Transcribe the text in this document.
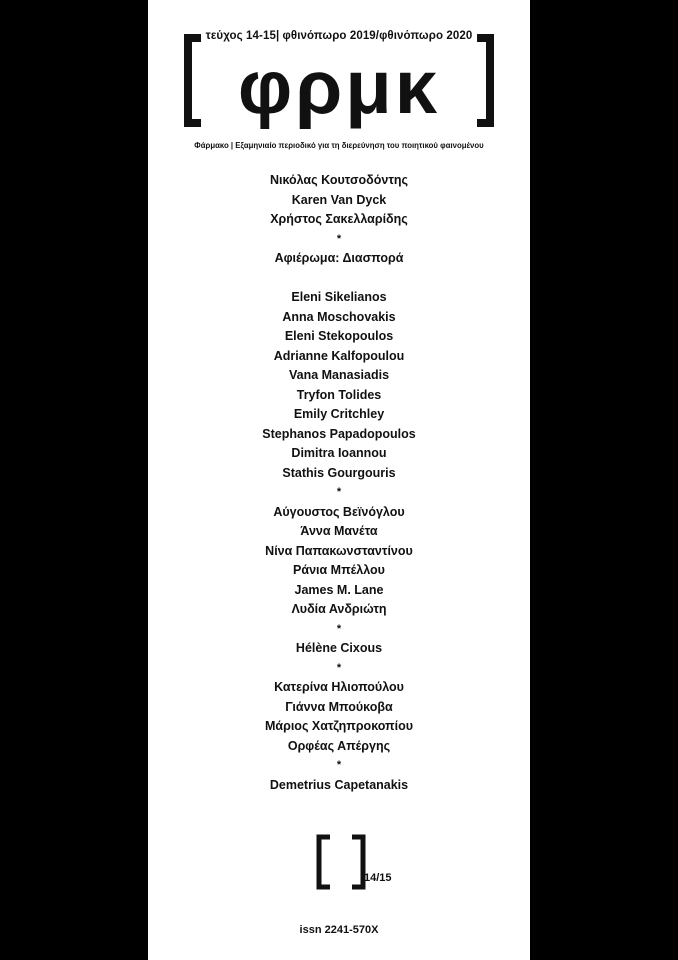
τεύχος 14-15| φθινόπωρο 2019/φθινόπωρο 2020
φρμκ
Φάρμακο | Εξαμηνιαίο περιοδικό για τη διερεύνηση του ποιητικού φαινομένου
Νικόλας Κουτσοδόντης
Karen Van Dyck
Χρήστος Σακελλαρίδης
*
Αφιέρωμα: Διασπορά
Eleni Sikelianos
Anna Moschovakis
Eleni Stekopoulos
Adrianne Kalfopoulou
Vana Manasiadis
Tryfon Tolides
Emily Critchley
Stephanos Papadopoulos
Dimitra Ioannou
Stathis Gourgouris
*
Αύγουστος Βεϊνόγλου
Άννα Μανέτα
Νίνα Παπακωνσταντίνου
Ράνια Μπέλλου
James M. Lane
Λυδία Ανδριώτη
*
Hélène Cixous
*
Κατερίνα Ηλιοπούλου
Γιάννα Μπούκοβα
Μάριος Χατζηπροκοπίου
Ορφέας Απέργης
*
Demetrius Capetanakis
14/15
issn 2241-570X
